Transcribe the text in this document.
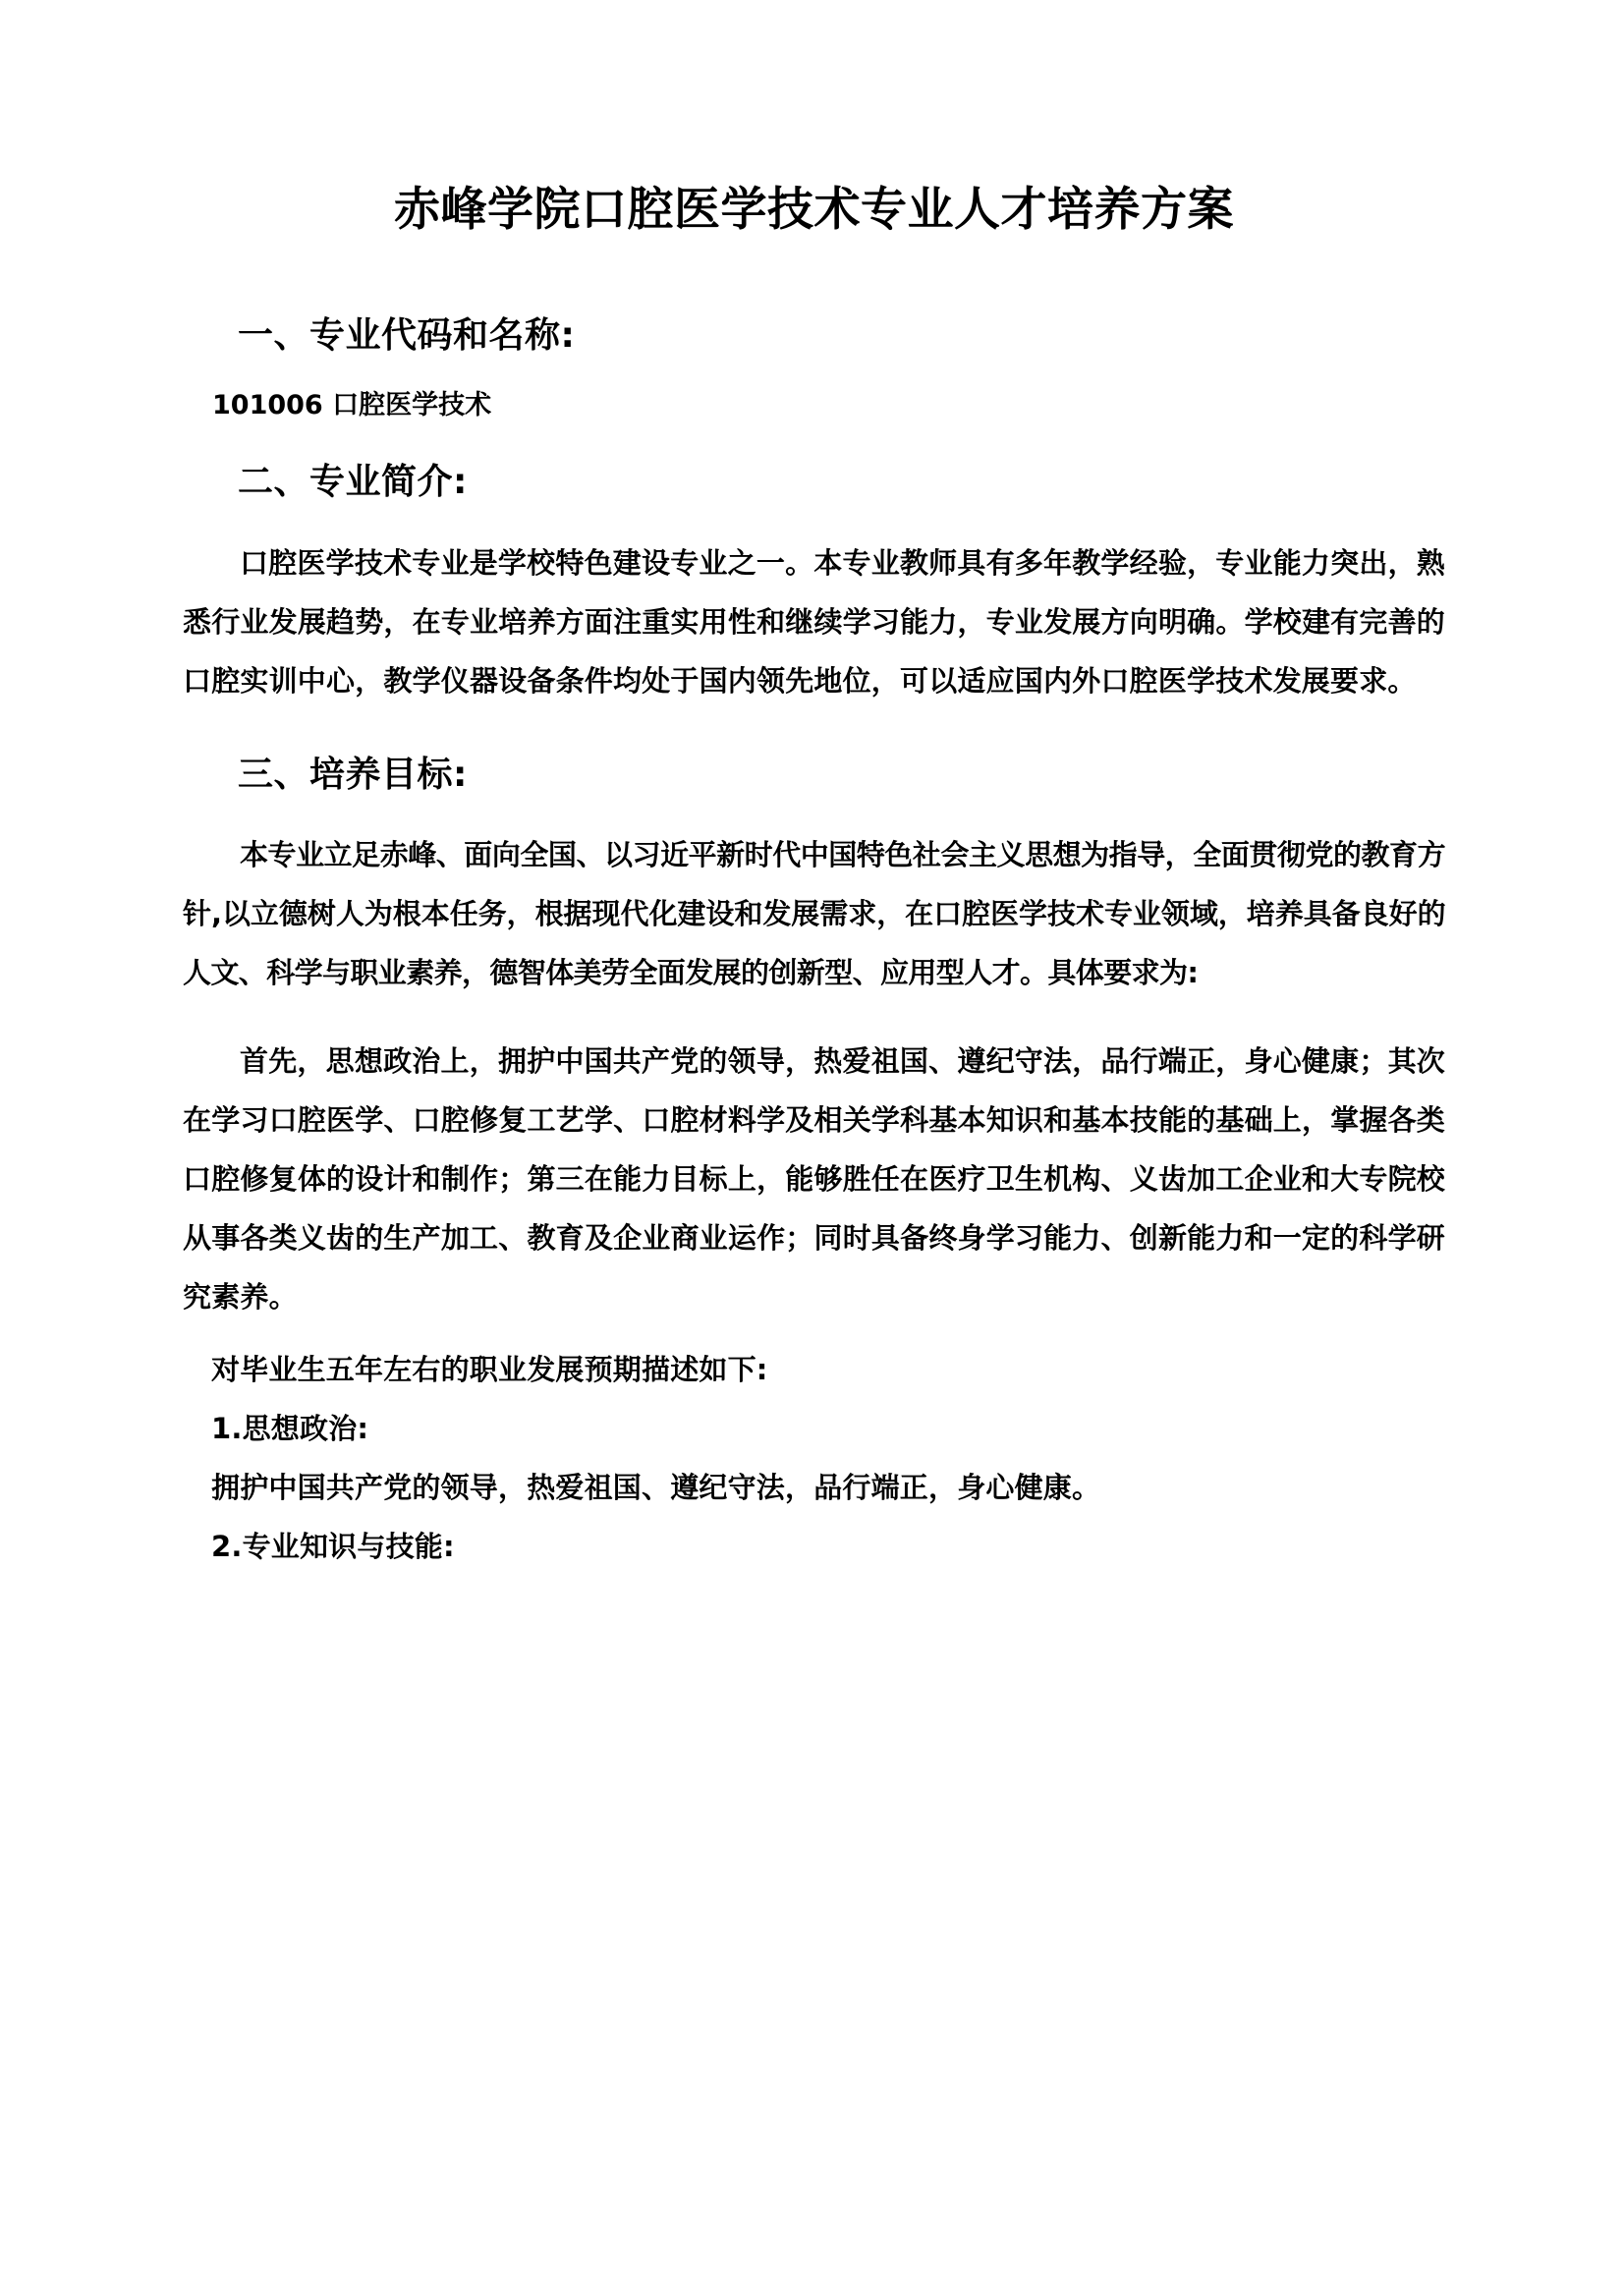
赤峰学院口腔医学技术专业人才培养方案
一、专业代码和名称:

101006 口腔医学技术

二、专业简介:

口腔医学技术专业是学校特色建设专业之一。本专业教师具有多年教学经验，专业能力突出，熟悉行业发展趋势，在专业培养方面注重实用性和继续学习能力，专业发展方向明确。学校建有完善的口腔实训中心，教学仪器设备条件均处于国内领先地位，可以适应国内外口腔医学技术发展要求。

三、培养目标:

本专业立足赤峰、面向全国、以习近平新时代中国特色社会主义思想为指导，全面贯彻党的教育方针,以立德树人为根本任务，根据现代化建设和发展需求，在口腔医学技术专业领域，培养具备良好的人文、科学与职业素养，德智体美劳全面发展的创新型、应用型人才。具体要求为:

首先，思想政治上，拥护中国共产党的领导，热爱祖国、遵纪守法，品行端正，身心健康；其次在学习口腔医学、口腔修复工艺学、口腔材料学及相关学科基本知识和基本技能的基础上，掌握各类口腔修复体的设计和制作；第三在能力目标上，能够胜任在医疗卫生机构、义齿加工企业和大专院校从事各类义齿的生产加工、教育及企业商业运作；同时具备终身学习能力、创新能力和一定的科学研究素养。

对毕业生五年左右的职业发展预期描述如下:

1.思想政治:

拥护中国共产党的领导，热爱祖国、遵纪守法，品行端正，身心健康。

2.专业知识与技能:
